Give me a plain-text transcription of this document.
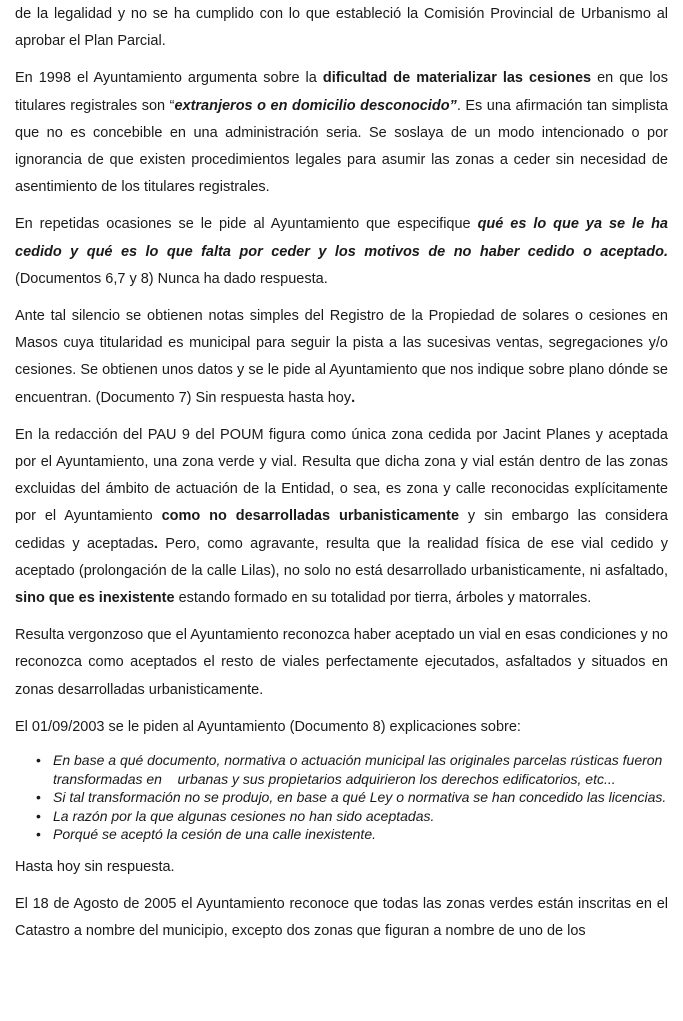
de la legalidad y no se ha cumplido con lo que estableció la Comisión Provincial de Urbanismo al aprobar el Plan Parcial.

En 1998 el Ayuntamiento argumenta sobre la dificultad de materializar las cesiones en que los titulares registrales son “extranjeros o en domicilio desconocido”. Es una afirmación tan simplista que no es concebible en una administración seria. Se soslaya de un modo intencionado o por ignorancia de que existen procedimientos legales para asumir las zonas a ceder sin necesidad de asentimiento de los titulares registrales.

En repetidas ocasiones se le pide al Ayuntamiento que especifique qué es lo que ya se le ha cedido y qué es lo que falta por ceder y los motivos de no haber cedido o aceptado. (Documentos 6,7 y 8) Nunca ha dado respuesta.

Ante tal silencio se obtienen notas simples del Registro de la Propiedad de solares o cesiones en Masos cuya titularidad es municipal para seguir la pista a las sucesivas ventas, segregaciones y/o cesiones. Se obtienen unos datos y se le pide al Ayuntamiento que nos indique sobre plano dónde se encuentran. (Documento 7) Sin respuesta hasta hoy.

En la redacción del PAU 9 del POUM figura como única zona cedida por Jacint Planes y aceptada por el Ayuntamiento, una zona verde y vial. Resulta que dicha zona y vial están dentro de las zonas excluidas del ámbito de actuación de la Entidad, o sea, es zona y calle reconocidas explícitamente por el Ayuntamiento como no desarrolladas urbanisticamente y sin embargo las considera cedidas y aceptadas. Pero, como agravante, resulta que la realidad física de ese vial cedido y aceptado (prolongación de la calle Lilas), no solo no está desarrollado urbanisticamente, ni asfaltado, sino que es inexistente estando formado en su totalidad por tierra, árboles y matorrales.

Resulta vergonzoso que el Ayuntamiento reconozca haber aceptado un vial en esas condiciones y no reconozca como aceptados el resto de viales perfectamente ejecutados, asfaltados y situados en zonas desarrolladas urbanisticamente.

El 01/09/2003 se le piden al Ayuntamiento (Documento 8) explicaciones sobre:

• En base a qué documento, normativa o actuación municipal las originales parcelas rústicas fueron transformadas en    urbanas y sus propietarios adquirieron los derechos edificatorios, etc...
• Si tal transformación no se produjo, en base a qué Ley o normativa se han concedido las licencias.
• La razón por la que algunas cesiones no han sido aceptadas.
• Porqué se aceptó la cesión de una calle inexistente.

Hasta hoy sin respuesta.

El 18 de Agosto de 2005 el Ayuntamiento reconoce que todas las zonas verdes están inscritas en el Catastro a nombre del municipio, excepto dos zonas que figuran a nombre de uno de los
